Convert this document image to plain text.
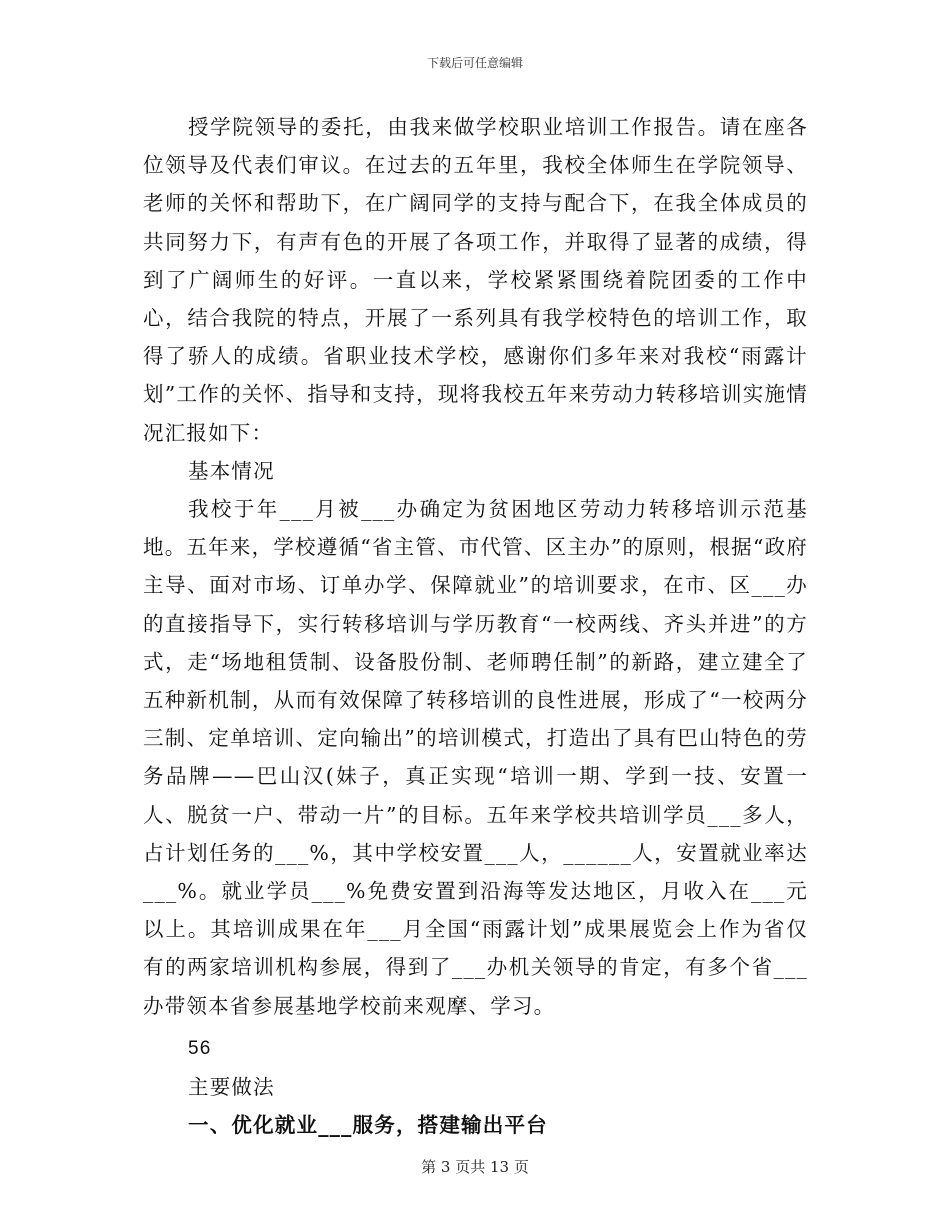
下载后可任意编辑

授学院领导的委托，由我来做学校职业培训工作报告。请在座各位领导及代表们审议。在过去的五年里，我校全体师生在学院领导、老师的关怀和帮助下，在广阔同学的支持与配合下，在我全体成员的共同努力下，有声有色的开展了各项工作，并取得了显著的成绩，得到了广阔师生的好评。一直以来，学校紧紧围绕着院团委的工作中心，结合我院的特点，开展了一系列具有我学校特色的培训工作，取得了骄人的成绩。省职业技术学校，感谢你们多年来对我校“雨露计划”工作的关怀、指导和支持，现将我校五年来劳动力转移培训实施情况汇报如下：

基本情况

我校于年___月被___办确定为贫困地区劳动力转移培训示范基地。五年来，学校遵循“省主管、市代管、区主办”的原则，根据“政府主导、面对市场、订单办学、保障就业”的培训要求，在市、区___办的直接指导下，实行转移培训与学历教育“一校两线、齐头并进”的方式，走“场地租赁制、设备股份制、老师聘任制”的新路，建立建全了五种新机制，从而有效保障了转移培训的良性进展，形成了“一校两分三制、定单培训、定向输出”的培训模式，打造出了具有巴山特色的劳务品牌——巴山汉(妹子，真正实现“培训一期、学到一技、安置一人、脱贫一户、带动一片”的目标。五年来学校共培训学员___多人，占计划任务的___%，其中学校安置___人，______人，安置就业率达___%。就业学员___%免费安置到沿海等发达地区，月收入在___元以上。其培训成果在年___月全国“雨露计划”成果展览会上作为省仅有的两家培训机构参展，得到了___办机关领导的肯定，有多个省___办带领本省参展基地学校前来观摩、学习。

56

主要做法

一、优化就业___服务，搭建输出平台

第 3 页共 13 页
